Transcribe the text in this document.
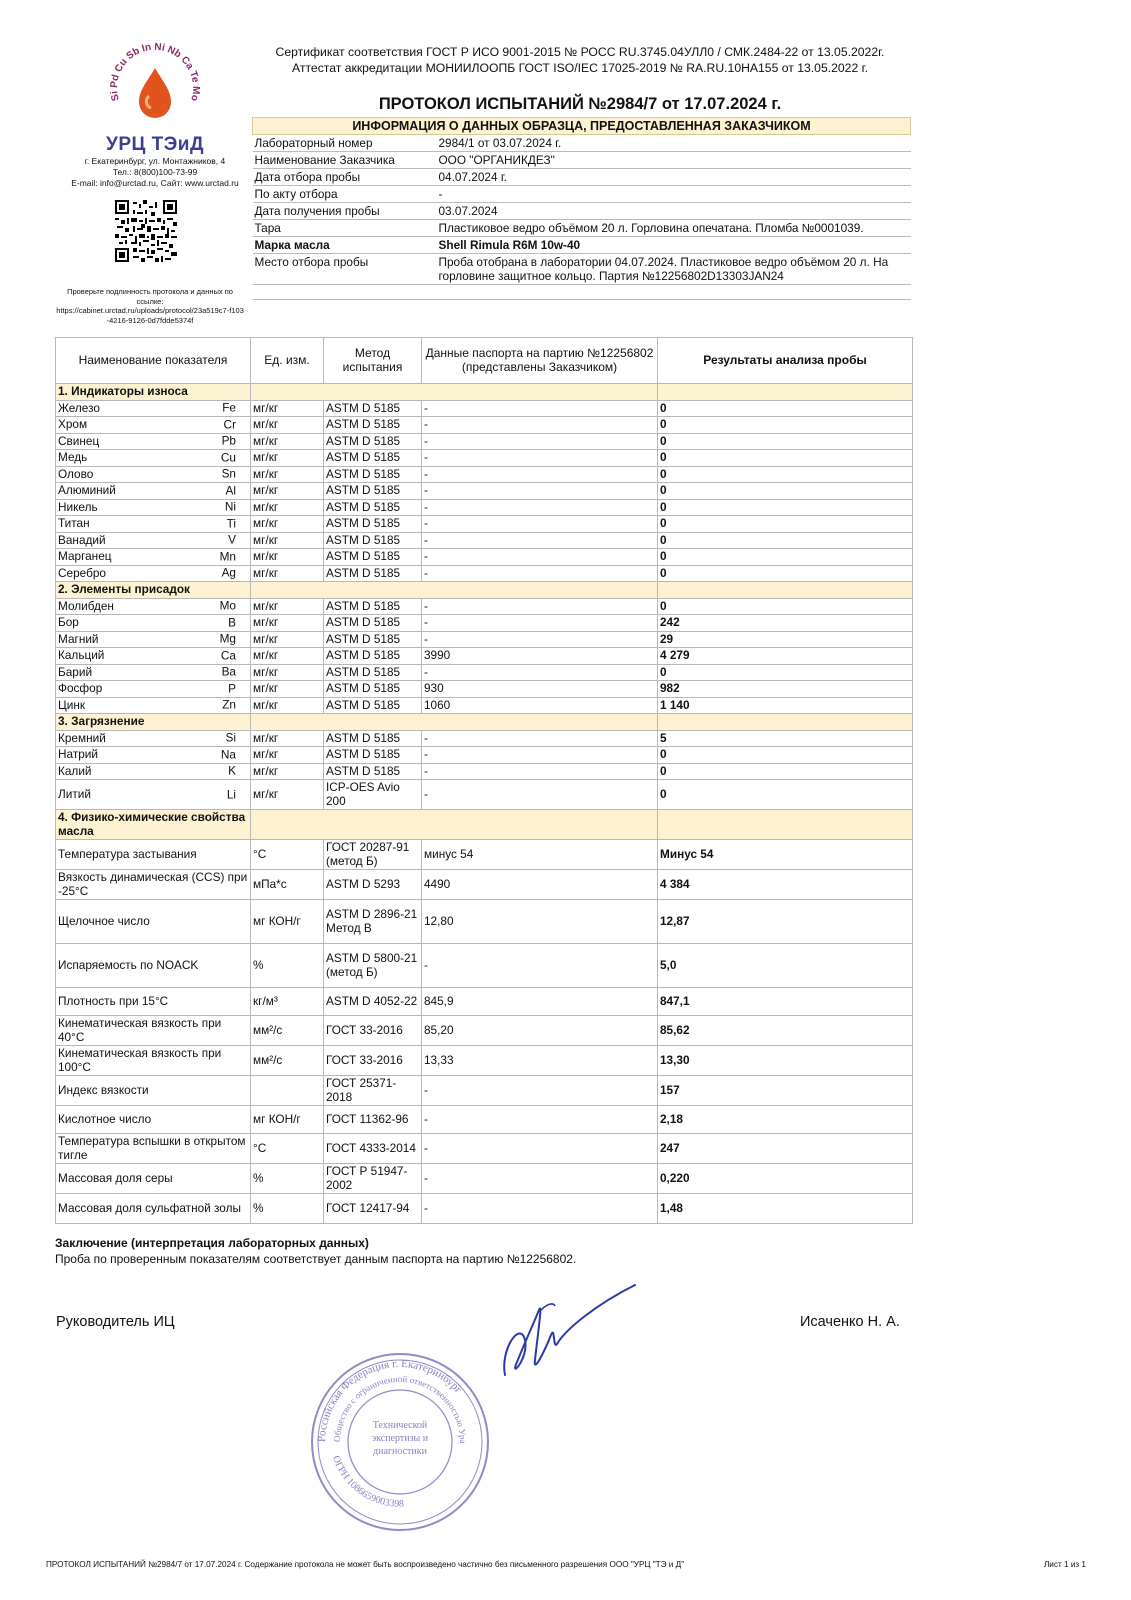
Si Pd Cu Sb In Ni Nb Ca Te Mo
УРЦ ТЭиД
г. Екатеринбург, ул. Монтажников, 4
Тел.: 8(800)100-73-99
E-mail: info@urctad.ru, Сайт: www.urctad.ru
Проверьте подлинность протокола и данных по ссылке:
https://cabinet.urctad.ru/uploads/protocol/23a519c7-f103-4216-9126-0d7fdde5374f
Сертификат соответствия ГОСТ Р ИСО 9001-2015 № РОСС RU.3745.04УЛЛ0 / СМК.2484-22 от 13.05.2022г.
Аттестат аккредитации МОНИИЛООПБ ГОСТ ISO/IEC 17025-2019 № RA.RU.10НА155 от 13.05.2022 г.
ПРОТОКОЛ ИСПЫТАНИЙ №2984/7 от 17.07.2024 г.
ИНФОРМАЦИЯ О ДАННЫХ ОБРАЗЦА, ПРЕДОСТАВЛЕННАЯ ЗАКАЗЧИКОМ	
Лабораторный номер	2984/1 от 03.07.2024 г.
Наименование Заказчика	ООО "ОРГАНИКДЕЗ"
Дата отбора пробы	04.07.2024 г.
По акту отбора	-
Дата получения пробы	03.07.2024
Тара	Пластиковое ведро объёмом 20 л. Горловина опечатана. Пломба №0001039.
Марка масла	Shell Rimula R6M 10w-40
Место отбора пробы	Проба отобрана в лаборатории 04.07.2024. Пластиковое ведро объёмом 20 л. На горловине защитное кольцо. Партия №12256802D13303JAN24

Наименование показателя	Ед. изм.	Метод испытания	Данные паспорта на партию №12256802 (представлены Заказчиком)	Результаты анализа пробы
1. Индикаторы износа				
Железо Fe	мг/кг	ASTM D 5185	-	0
Хром Cr	мг/кг	ASTM D 5185	-	0
Свинец Pb	мг/кг	ASTM D 5185	-	0
Медь Cu	мг/кг	ASTM D 5185	-	0
Олово Sn	мг/кг	ASTM D 5185	-	0
Алюминий Al	мг/кг	ASTM D 5185	-	0
Никель Ni	мг/кг	ASTM D 5185	-	0
Титан Ti	мг/кг	ASTM D 5185	-	0
Ванадий V	мг/кг	ASTM D 5185	-	0
Марганец Mn	мг/кг	ASTM D 5185	-	0
Серебро Ag	мг/кг	ASTM D 5185	-	0
2. Элементы присадок				
Молибден Mo	мг/кг	ASTM D 5185	-	0
Бор B	мг/кг	ASTM D 5185	-	242
Магний Mg	мг/кг	ASTM D 5185	-	29
Кальций Ca	мг/кг	ASTM D 5185	3990	4 279
Барий Ba	мг/кг	ASTM D 5185	-	0
Фосфор P	мг/кг	ASTM D 5185	930	982
Цинк Zn	мг/кг	ASTM D 5185	1060	1 140
3. Загрязнение				
Кремний Si	мг/кг	ASTM D 5185	-	5
Натрий Na	мг/кг	ASTM D 5185	-	0
Калий K	мг/кг	ASTM D 5185	-	0
Литий Li	мг/кг	ICP-OES Avio 200	-	0
4. Физико-химические свойства масла				
Температура застывания	°С	ГОСТ 20287-91 (метод Б)	минус 54	Минус 54
Вязкость динамическая (CCS) при -25°С	мПа*с	ASTM D 5293	4490	4 384
Щелочное число	мг КОН/г	ASTM D 2896-21 Метод В	12,80	12,87
Испаряемость по NOACK	%	ASTM D 5800-21 (метод Б)	-	5,0
Плотность при 15°С	кг/м³	ASTM D 4052-22	845,9	847,1
Кинематическая вязкость при 40°С	мм²/с	ГОСТ 33-2016	85,20	85,62
Кинематическая вязкость при 100°С	мм²/с	ГОСТ 33-2016	13,33	13,30
Индекс вязкости		ГОСТ 25371-2018	-	157
Кислотное число	мг КОН/г	ГОСТ 11362-96	-	2,18
Температура вспышки в открытом тигле	°С	ГОСТ 4333-2014	-	247
Массовая доля серы	%	ГОСТ Р 51947-2002	-	0,220
Массовая доля сульфатной золы	%	ГОСТ 12417-94	-	1,48
Заключение (интерпретация лабораторных данных)
Проба по проверенным показателям соответствует данным паспорта на партию №12256802.
Руководитель ИЦ	Исаченко Н. А.
Российская Федерация г. Екатеринбург
Общество с ограниченной ответственностью Ура
ОГРН 1086659003398
Технической экспертизы и диагностики
ПРОТОКОЛ ИСПЫТАНИЙ №2984/7 от 17.07.2024 г. Содержание протокола не может быть воспроизведено частично без письменного разрешения ООО "УРЦ "ТЭ и Д"	Лист 1 из 1
